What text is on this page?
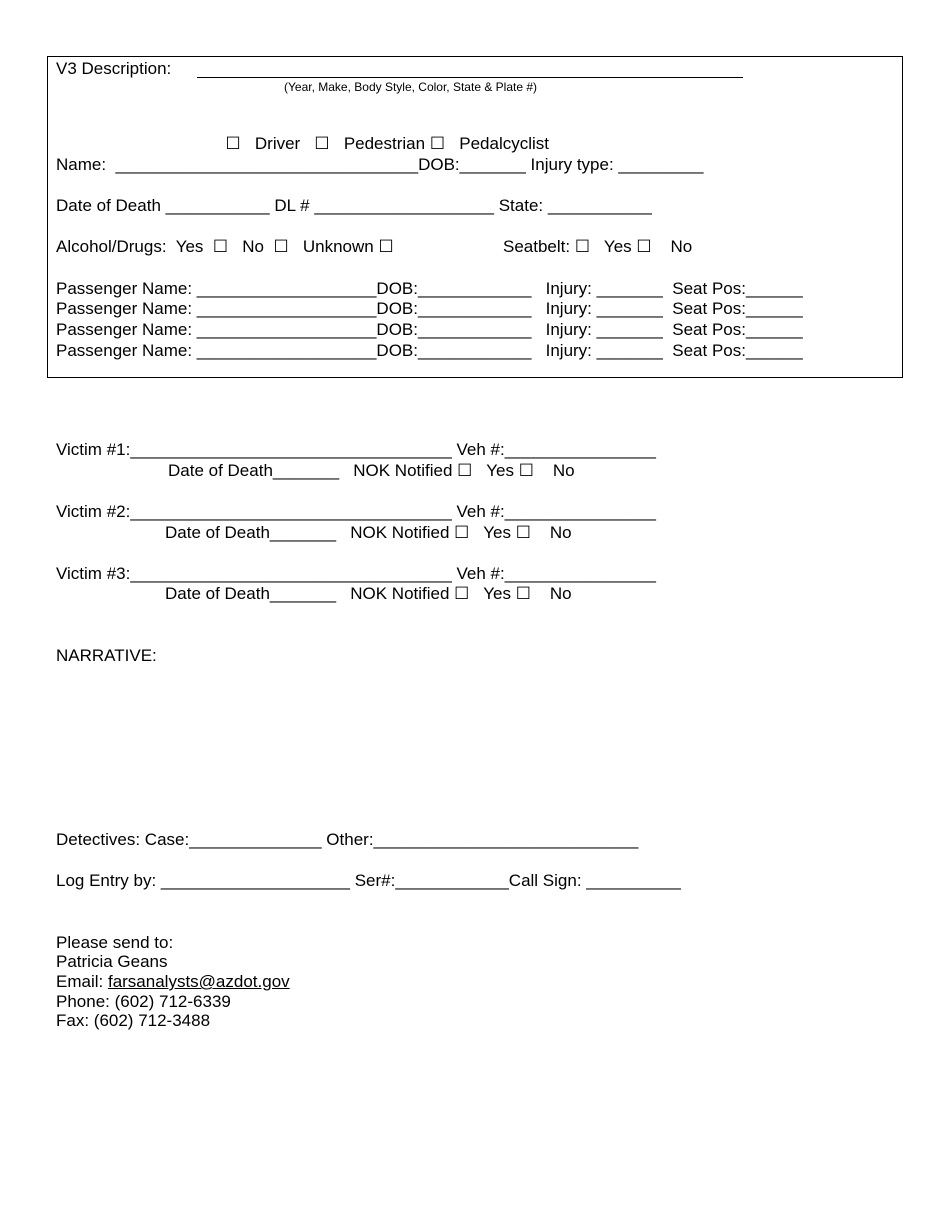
V3 Description:
(Year, Make, Body Style, Color, State & Plate #)

☐ Driver ☐ Pedestrian ☐ Pedalcyclist

Name:  ________________________________DOB:_______ Injury type: _________
Date of Death ___________ DL # ___________________ State: ___________
Alcohol/Drugs:  Yes  ☐   No  ☐   Unknown ☐	Seatbelt: ☐   Yes ☐    No
Passenger Name: ___________________DOB:____________   Injury: _______  Seat Pos:______
Passenger Name: ___________________DOB:____________   Injury: _______  Seat Pos:______
Passenger Name: ___________________DOB:____________   Injury: _______  Seat Pos:______
Passenger Name: ___________________DOB:____________   Injury: _______  Seat Pos:______
Victim #1:__________________________________ Veh #:________________
Date of Death_______   NOK Notified ☐   Yes ☐    No
Victim #2:__________________________________ Veh #:________________
Date of Death_______   NOK Notified ☐   Yes ☐    No
Victim #3:__________________________________ Veh #:________________
Date of Death_______   NOK Notified ☐   Yes ☐    No
NARRATIVE:
Detectives: Case:______________ Other:____________________________
Log Entry by: ____________________ Ser#:____________Call Sign: __________
Please send to:
Patricia Geans
Email: farsanalysts@azdot.gov
Phone: (602) 712-6339
Fax: (602) 712-3488
